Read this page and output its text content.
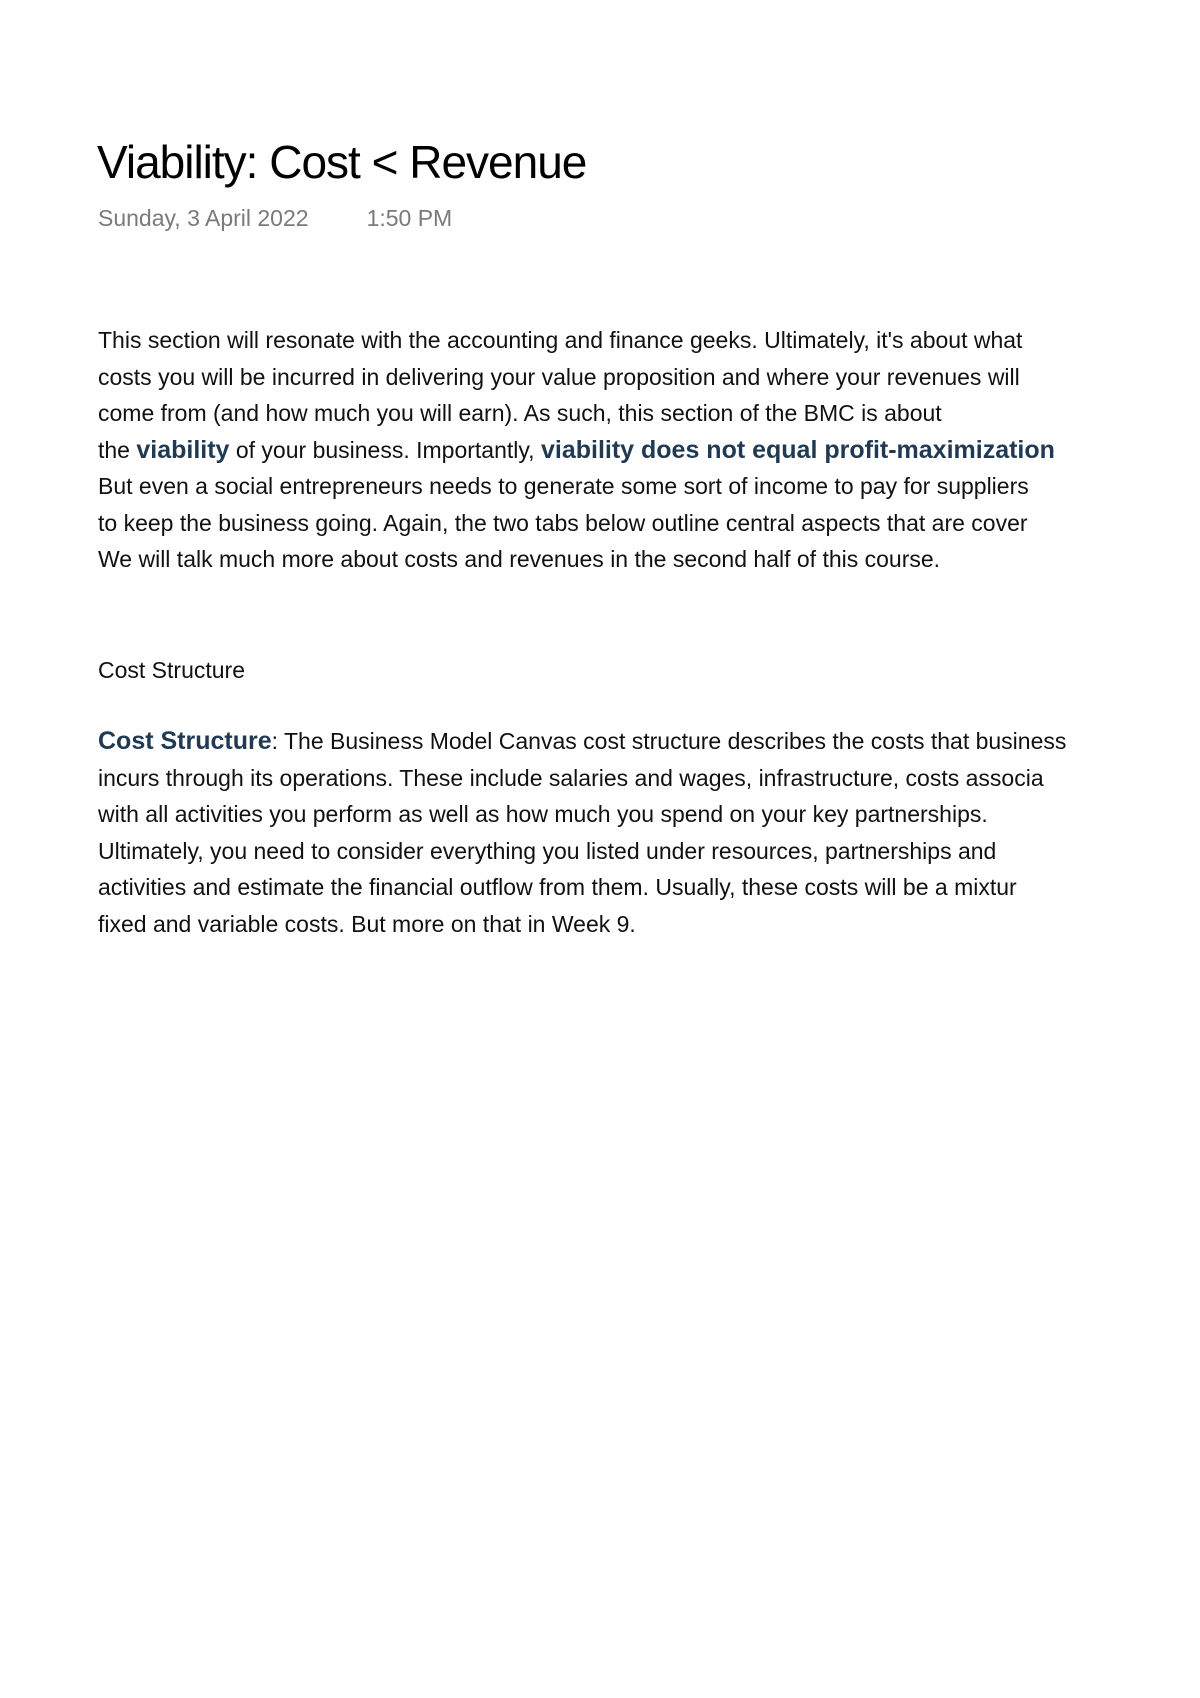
Viability: Cost < Revenue
Sunday, 3 April 2022	1:50 PM
This section will resonate with the accounting and finance geeks. Ultimately, it's about what
costs you will be incurred in delivering your value proposition and where your revenues will
come from (and how much you will earn). As such, this section of the BMC is about
the viability of your business. Importantly, viability does not equal profit-maximization
But even a social entrepreneurs needs to generate some sort of income to pay for suppliers
to keep the business going. Again, the two tabs below outline central aspects that are cover
We will talk much more about costs and revenues in the second half of this course.
Cost Structure
Cost Structure: The Business Model Canvas cost structure describes the costs that business
incurs through its operations. These include salaries and wages, infrastructure, costs associa
with all activities you perform as well as how much you spend on your key partnerships.
Ultimately, you need to consider everything you listed under resources, partnerships and
activities and estimate the financial outflow from them. Usually, these costs will be a mixtur
fixed and variable costs. But more on that in Week 9.
